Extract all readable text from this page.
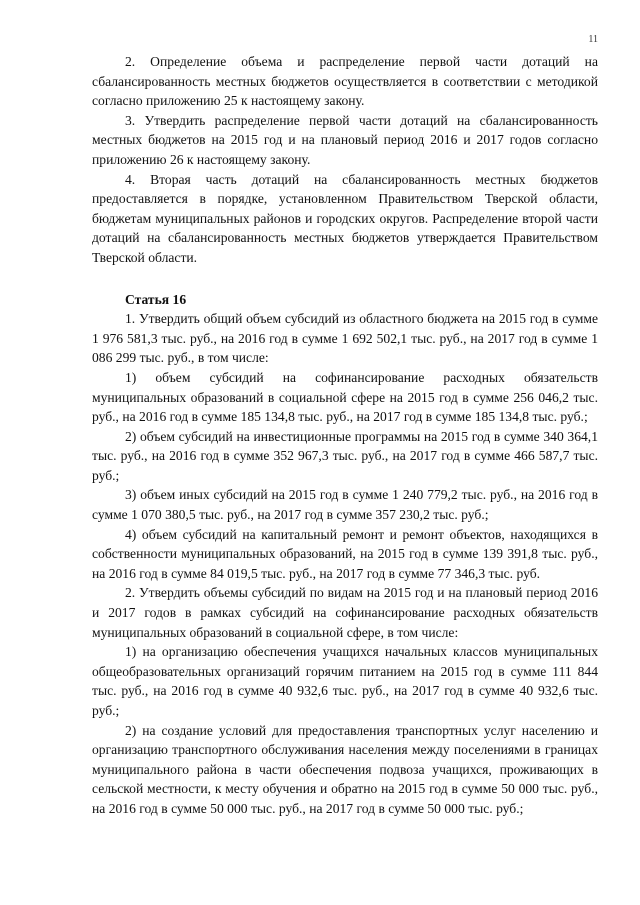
11

2. Определение объема и распределение первой части дотаций на сбалансированность местных бюджетов осуществляется в соответствии с методикой согласно приложению 25 к настоящему закону.

3. Утвердить распределение первой части дотаций на сбалансированность местных бюджетов на 2015 год и на плановый период 2016 и 2017 годов согласно приложению 26 к настоящему закону.

4. Вторая часть дотаций на сбалансированность местных бюджетов предоставляется в порядке, установленном Правительством Тверской области, бюджетам муниципальных районов и городских округов. Распределение второй части дотаций на сбалансированность местных бюджетов утверждается Правительством Тверской области.

Статья 16

1. Утвердить общий объем субсидий из областного бюджета на 2015 год в сумме 1 976 581,3 тыс. руб., на 2016 год в сумме 1 692 502,1 тыс. руб., на 2017 год в сумме 1 086 299 тыс. руб., в том числе:

1) объем субсидий на софинансирование расходных обязательств муниципальных образований в социальной сфере на 2015 год в сумме 256 046,2 тыс. руб., на 2016 год в сумме 185 134,8 тыс. руб., на 2017 год в сумме 185 134,8 тыс. руб.;

2) объем субсидий на инвестиционные программы на 2015 год в сумме 340 364,1 тыс. руб., на 2016 год в сумме 352 967,3 тыс. руб., на 2017 год в сумме 466 587,7 тыс. руб.;

3) объем иных субсидий на 2015 год в сумме 1 240 779,2 тыс. руб., на 2016 год в сумме 1 070 380,5 тыс. руб., на 2017 год в сумме 357 230,2 тыс. руб.;

4) объем субсидий на капитальный ремонт и ремонт объектов, находящихся в собственности муниципальных образований, на 2015 год в сумме 139 391,8 тыс. руб., на 2016 год в сумме 84 019,5 тыс. руб., на 2017 год в сумме 77 346,3 тыс. руб.

2. Утвердить объемы субсидий по видам на 2015 год и на плановый период 2016 и 2017 годов в рамках субсидий на софинансирование расходных обязательств муниципальных образований в социальной сфере, в том числе:

1) на организацию обеспечения учащихся начальных классов муниципальных общеобразовательных организаций горячим питанием на 2015 год в сумме 111 844 тыс. руб., на 2016 год в сумме 40 932,6 тыс. руб., на 2017 год в сумме 40 932,6 тыс. руб.;

2) на создание условий для предоставления транспортных услуг населению и организацию транспортного обслуживания населения между поселениями в границах муниципального района в части обеспечения подвоза учащихся, проживающих в сельской местности, к месту обучения и обратно на 2015 год в сумме 50 000 тыс. руб., на 2016 год в сумме 50 000 тыс. руб., на 2017 год в сумме 50 000 тыс. руб.;
